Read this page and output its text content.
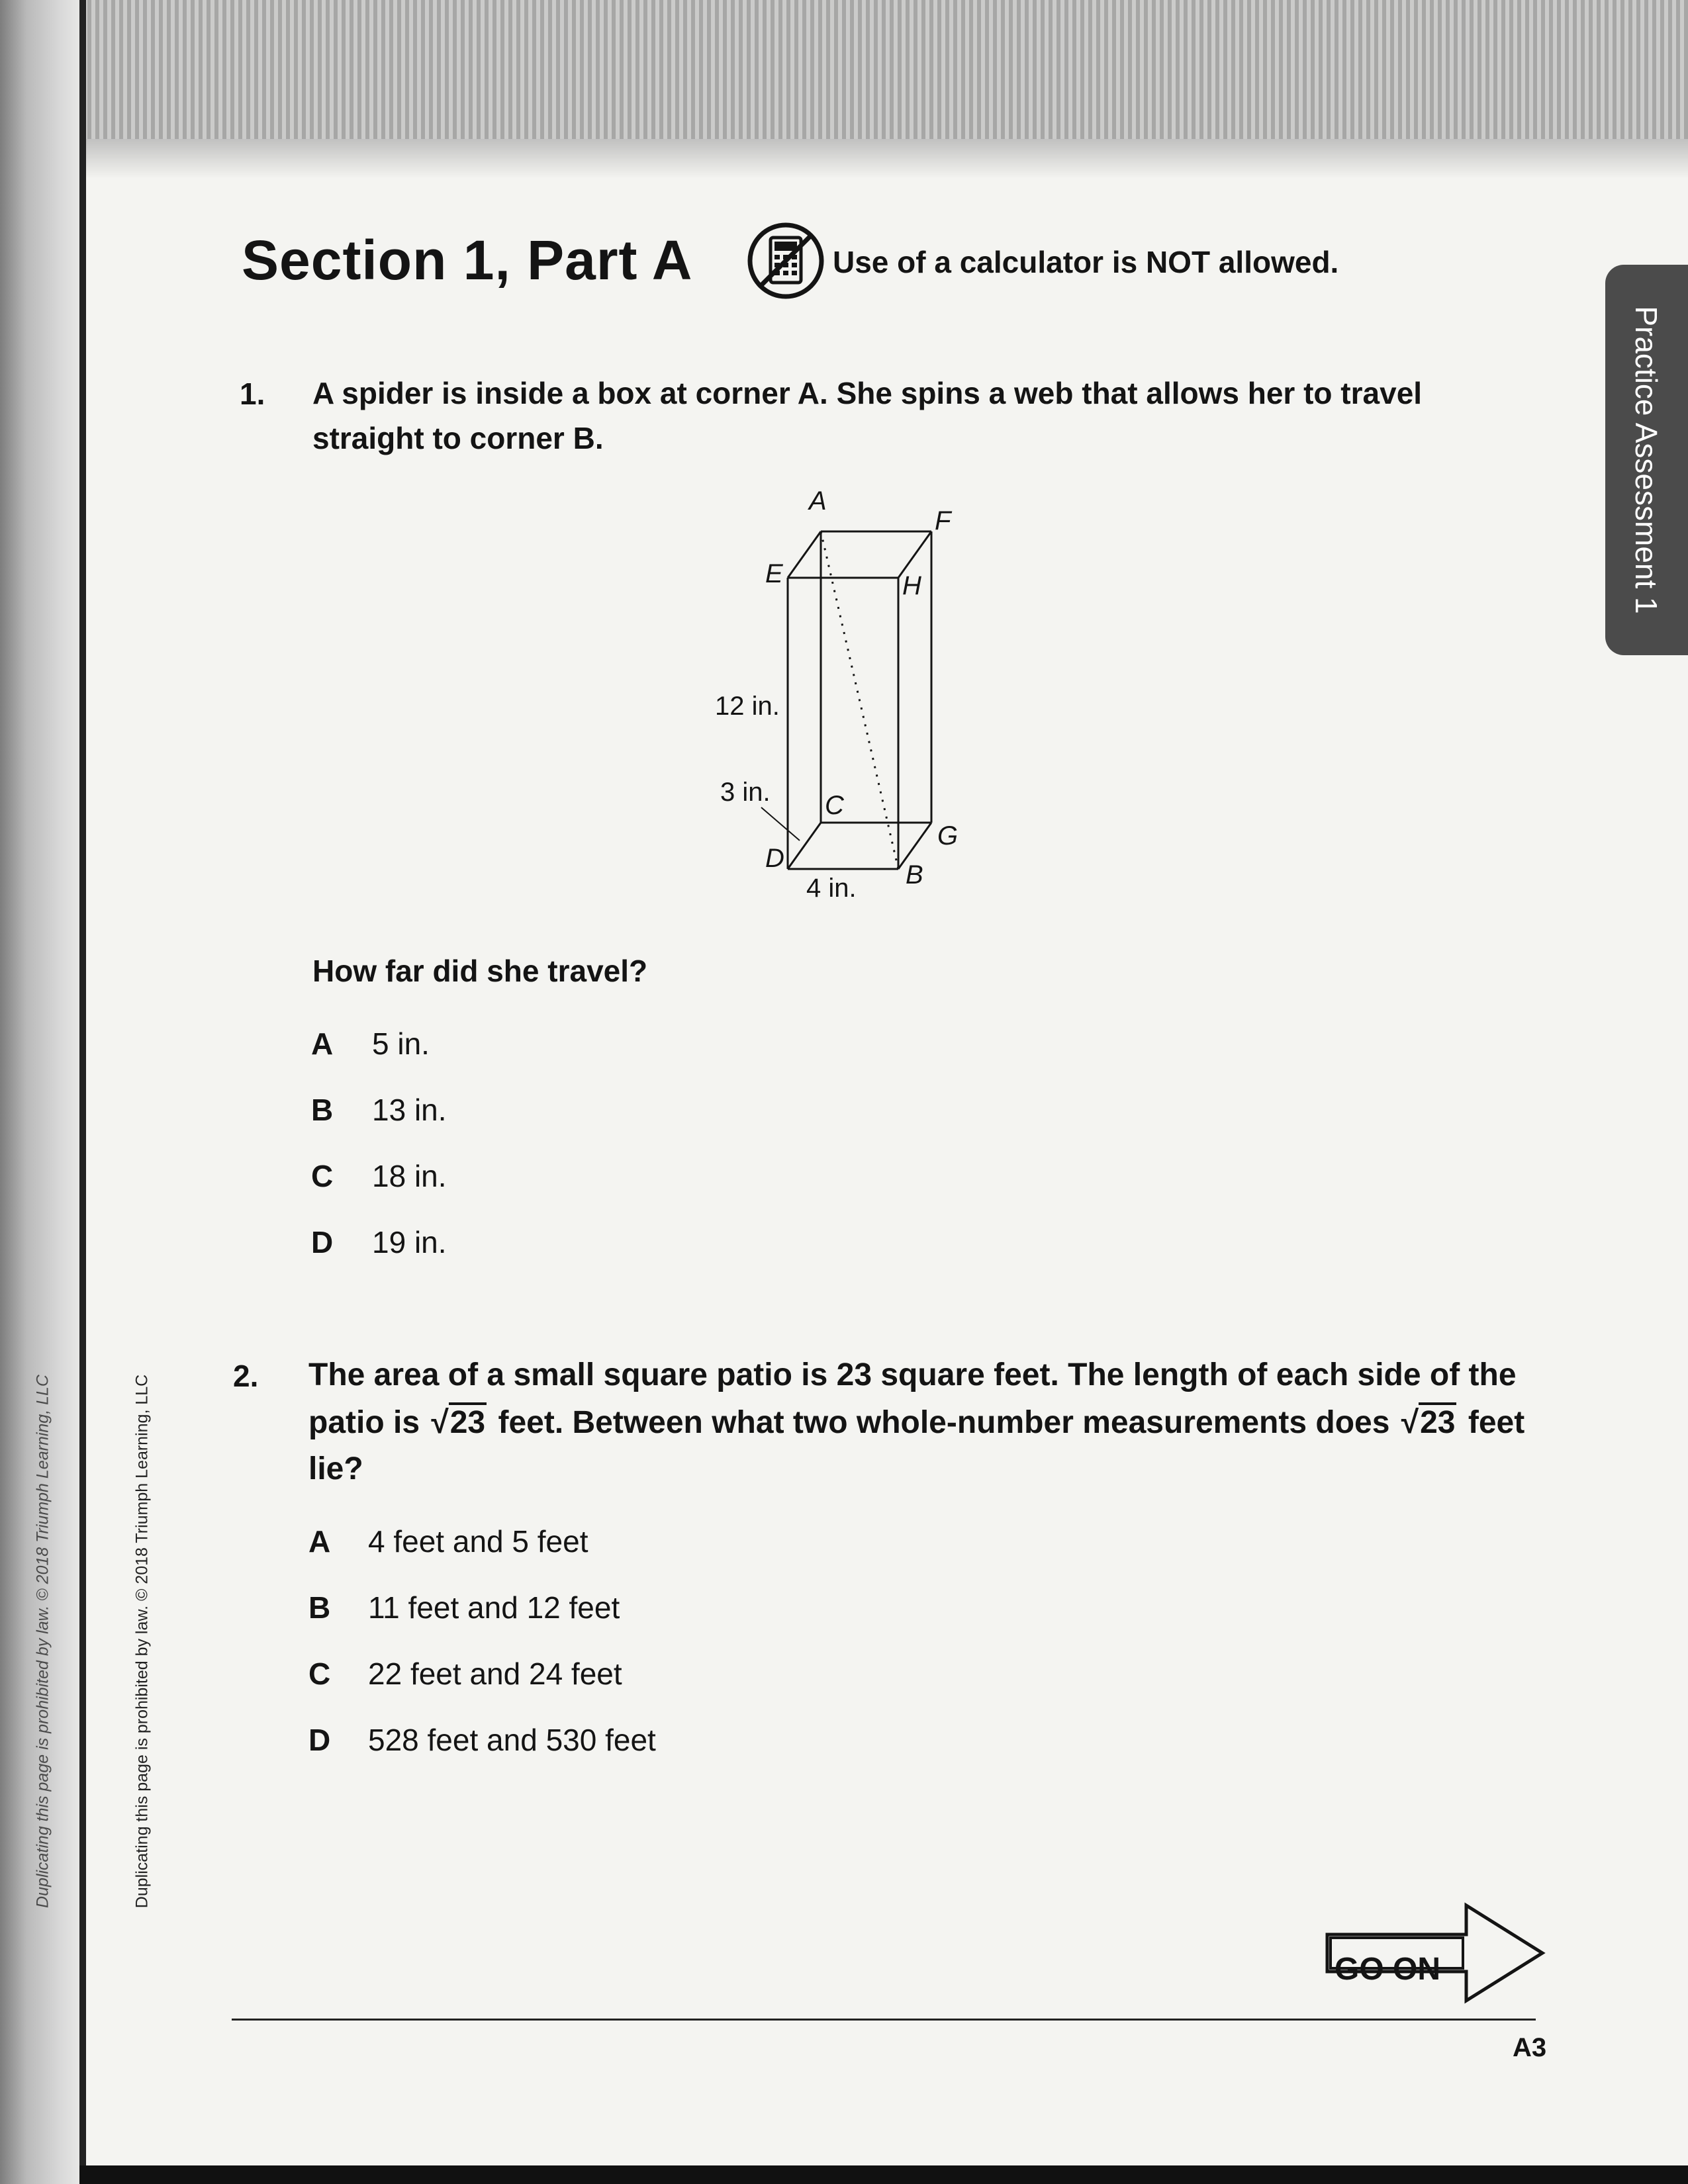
Practice Assessment 1
Duplicating this page is prohibited by law. © 2018 Triumph Learning, LLC
Duplicating this page is prohibited by law. © 2018 Triumph Learning, LLC
Section 1, Part A	Use of a calculator is NOT allowed.
1. A spider is inside a box at corner A. She spins a web that allows her to travel straight to corner B.
A
F
E	H
C
G
D
B
12 in.
3 in.
4 in.
How far did she travel?
A 5 in.
B 13 in.
C 18 in.
D 19 in.
2. The area of a small square patio is 23 square feet. The length of each side of the
patio is √23 feet. Between what two whole-number measurements does √23 feet
lie?
A 4 feet and 5 feet
B 11 feet and 12 feet
C 22 feet and 24 feet
D 528 feet and 530 feet
GO ON
A3
